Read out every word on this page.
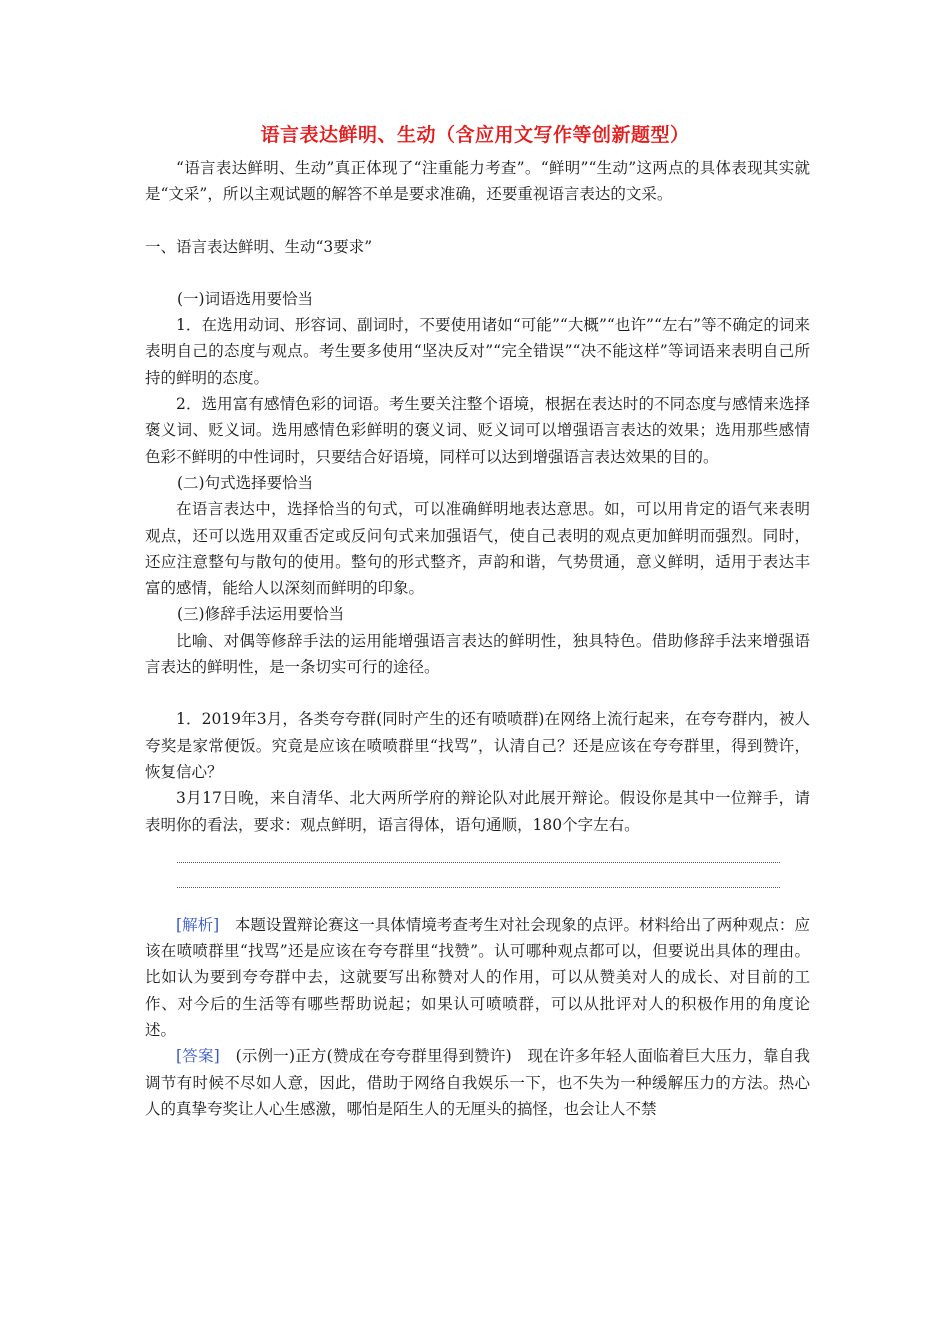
语言表达鲜明、生动（含应用文写作等创新题型）

“语言表达鲜明、生动”真正体现了“注重能力考查”。“鲜明”“生动”这两点的具体表现其实就是“文采”，所以主观试题的解答不单是要求准确，还要重视语言表达的文采。

一、语言表达鲜明、生动“3要求”

(一)词语选用要恰当

1．在选用动词、形容词、副词时，不要使用诸如“可能”“大概”“也许”“左右”等不确定的词来表明自己的态度与观点。考生要多使用“坚决反对”“完全错误”“决不能这样”等词语来表明自己所持的鲜明的态度。

2．选用富有感情色彩的词语。考生要关注整个语境，根据在表达时的不同态度与感情来选择褒义词、贬义词。选用感情色彩鲜明的褒义词、贬义词可以增强语言表达的效果；选用那些感情色彩不鲜明的中性词时，只要结合好语境，同样可以达到增强语言表达效果的目的。

(二)句式选择要恰当

在语言表达中，选择恰当的句式，可以准确鲜明地表达意思。如，可以用肯定的语气来表明观点，还可以选用双重否定或反问句式来加强语气，使自己表明的观点更加鲜明而强烈。同时，还应注意整句与散句的使用。整句的形式整齐，声韵和谐，气势贯通，意义鲜明，适用于表达丰富的感情，能给人以深刻而鲜明的印象。

(三)修辞手法运用要恰当

比喻、对偶等修辞手法的运用能增强语言表达的鲜明性，独具特色。借助修辞手法来增强语言表达的鲜明性，是一条切实可行的途径。

1．2019年3月，各类夸夸群(同时产生的还有喷喷群)在网络上流行起来，在夸夸群内，被人夸奖是家常便饭。究竟是应该在喷喷群里“找骂”，认清自己？还是应该在夸夸群里，得到赞许，恢复信心？

3月17日晚，来自清华、北大两所学府的辩论队对此展开辩论。假设你是其中一位辩手，请表明你的看法，要求：观点鲜明，语言得体，语句通顺，180个字左右。

[解析]　本题设置辩论赛这一具体情境考查考生对社会现象的点评。材料给出了两种观点：应该在喷喷群里“找骂”还是应该在夸夸群里“找赞”。认可哪种观点都可以，但要说出具体的理由。比如认为要到夸夸群中去，这就要写出称赞对人的作用，可以从赞美对人的成长、对目前的工作、对今后的生活等有哪些帮助说起；如果认可喷喷群，可以从批评对人的积极作用的角度论述。

[答案]　(示例一)正方(赞成在夸夸群里得到赞许)　现在许多年轻人面临着巨大压力，靠自我调节有时候不尽如人意，因此，借助于网络自我娱乐一下，也不失为一种缓解压力的方法。热心人的真挚夸奖让人心生感激，哪怕是陌生人的无厘头的搞怪，也会让人不禁
